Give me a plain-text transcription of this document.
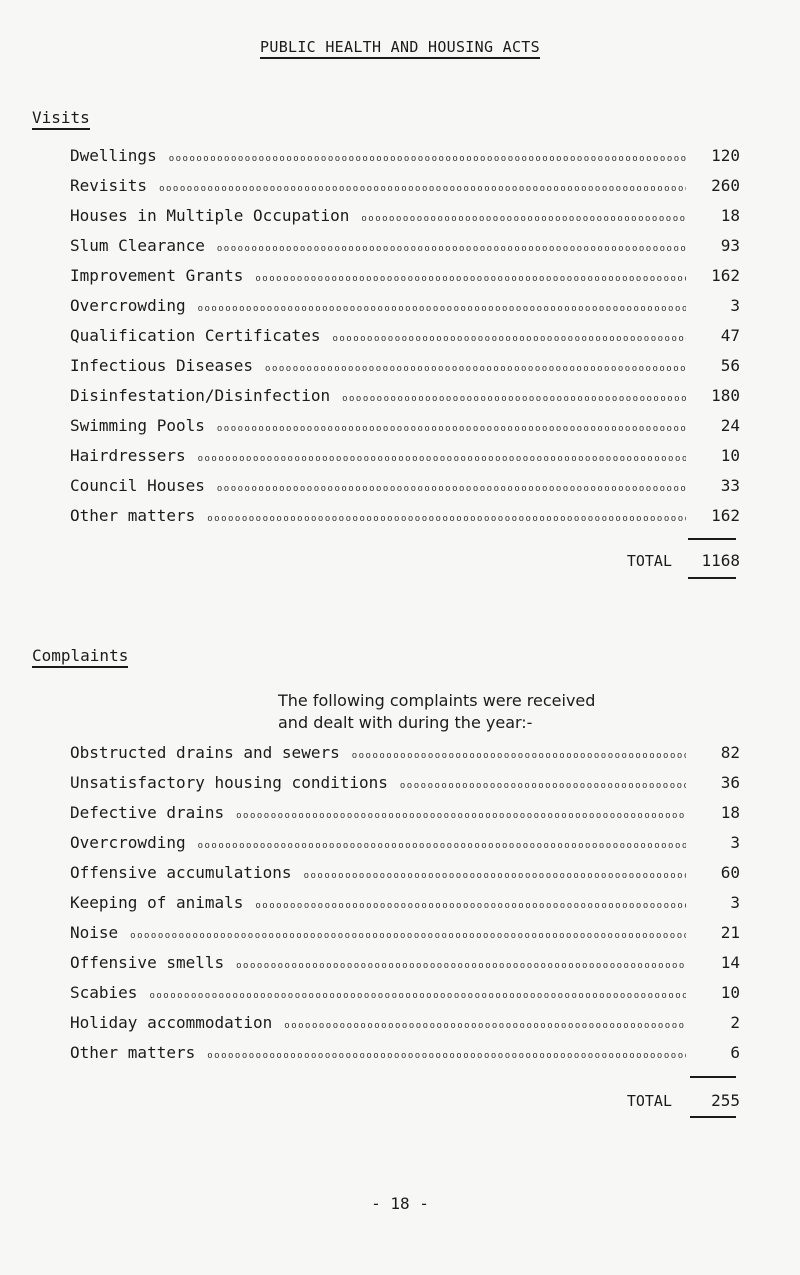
PUBLIC HEALTH AND HOUSING ACTS
Visits
Dwellings oooooooooooooooooooooooooooooooooooooooooooooooooooooooooooooooooooooooooooooooooooooooooooo	120
Revisits oooooooooooooooooooooooooooooooooooooooooooooooooooooooooooooooooooooooooooooooooooooooooooo	260
Houses in Multiple Occupation oooooooooooooooooooooooooooooooooooooooooooooooooooooooooooooooooooooooooooooooooooooooooooo	18
Slum Clearance oooooooooooooooooooooooooooooooooooooooooooooooooooooooooooooooooooooooooooooooooooooooooooo	93
Improvement Grants oooooooooooooooooooooooooooooooooooooooooooooooooooooooooooooooooooooooooooooooooooooooooooo	162
Overcrowding oooooooooooooooooooooooooooooooooooooooooooooooooooooooooooooooooooooooooooooooooooooooooooo	3
Qualification Certificates oooooooooooooooooooooooooooooooooooooooooooooooooooooooooooooooooooooooooooooooooooooooooooo	47
Infectious Diseases oooooooooooooooooooooooooooooooooooooooooooooooooooooooooooooooooooooooooooooooooooooooooooo	56
Disinfestation/Disinfection oooooooooooooooooooooooooooooooooooooooooooooooooooooooooooooooooooooooooooooooooooooooooooo	180
Swimming Pools oooooooooooooooooooooooooooooooooooooooooooooooooooooooooooooooooooooooooooooooooooooooooooo	24
Hairdressers oooooooooooooooooooooooooooooooooooooooooooooooooooooooooooooooooooooooooooooooooooooooooooo	10
Council Houses oooooooooooooooooooooooooooooooooooooooooooooooooooooooooooooooooooooooooooooooooooooooooooo	33
Other matters oooooooooooooooooooooooooooooooooooooooooooooooooooooooooooooooooooooooooooooooooooooooooooo	162
TOTAL	1168
Complaints
The following complaints were received
and dealt with during the year:-
Obstructed drains and sewers oooooooooooooooooooooooooooooooooooooooooooooooooooooooooooooooooooooooooooooooooooooooooooo	82
Unsatisfactory housing conditions oooooooooooooooooooooooooooooooooooooooooooooooooooooooooooooooooooooooooooooooooooooooooooo	36
Defective drains oooooooooooooooooooooooooooooooooooooooooooooooooooooooooooooooooooooooooooooooooooooooooooo	18
Overcrowding oooooooooooooooooooooooooooooooooooooooooooooooooooooooooooooooooooooooooooooooooooooooooooo	3
Offensive accumulations oooooooooooooooooooooooooooooooooooooooooooooooooooooooooooooooooooooooooooooooooooooooooooo	60
Keeping of animals oooooooooooooooooooooooooooooooooooooooooooooooooooooooooooooooooooooooooooooooooooooooooooo	3
Noise oooooooooooooooooooooooooooooooooooooooooooooooooooooooooooooooooooooooooooooooooooooooooooo	21
Offensive smells oooooooooooooooooooooooooooooooooooooooooooooooooooooooooooooooooooooooooooooooooooooooooooo	14
Scabies oooooooooooooooooooooooooooooooooooooooooooooooooooooooooooooooooooooooooooooooooooooooooooo	10
Holiday accommodation oooooooooooooooooooooooooooooooooooooooooooooooooooooooooooooooooooooooooooooooooooooooooooo	2
Other matters oooooooooooooooooooooooooooooooooooooooooooooooooooooooooooooooooooooooooooooooooooooooooooo	6
TOTAL	255
- 18 -
